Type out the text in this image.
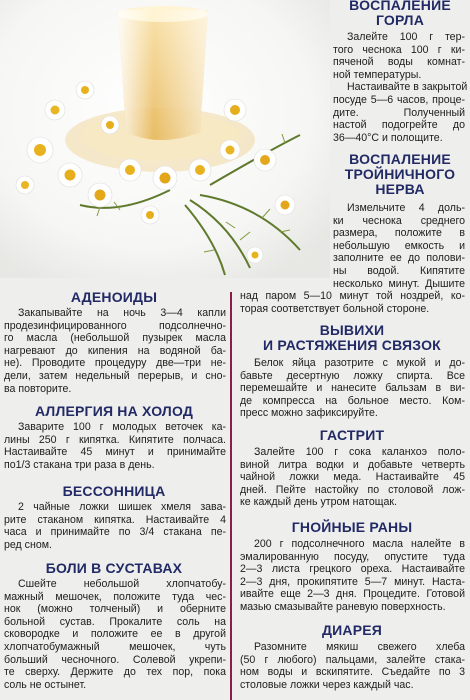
ВОСПАЛЕНИЕ
ГОРЛА
Залейте 100 г тер-
того чеснока 100 г ки-
пяченой воды комнат-
ной температуры.
Настаивайте в закрытой
посуде 5—6 часов, проце-
дите. Полученный
настой подогрейте до
36—40°С и полощите.
ВОСПАЛЕНИЕ
ТРОЙНИЧНОГО
НЕРВА
Измельчите 4 доль-
ки чеснока среднего
размера, положите в
небольшую емкость и
заполните ее до полови-
ны водой. Кипятите
несколько минут. Дышите
над паром 5—10 минут той ноздрей, ко-
торая соответствует больной стороне.
АДЕНОИДЫ
Закапывайте на ночь 3—4 капли
продезинфицированного подсолнечно-
го масла (небольшой пузырек масла
нагревают до кипения на водяной ба-
не). Проводите процедуру две—три не-
дели, затем недельный перерыв, и сно-
ва повторите.
АЛЛЕРГИЯ НА ХОЛОД
Заварите 100 г молодых веточек ка-
лины 250 г кипятка. Кипятите полчаса.
Настаивайте 45 минут и принимайте
по1/3 стакана три раза в день.
БЕССОННИЦА
2 чайные ложки шишек хмеля зава-
рите стаканом кипятка. Настаивайте 4
часа и принимайте по 3/4 стакана пе-
ред сном.
БОЛИ В СУСТАВАХ
Сшейте небольшой хлопчатобу-
мажный мешочек, положите туда чес-
нок (можно толченый) и оберните
больной сустав. Прокалите соль на
сковородке и положите ее в другой
хлопчатобумажный мешочек, чуть
больший чесночного. Солевой укрепи-
те сверху. Держите до тех пор, пока
соль не остынет.
ВЫВИХИ
И РАСТЯЖЕНИЯ СВЯЗОК
Белок яйца разотрите с мукой и до-
бавьте десертную ложку спирта. Все
перемешайте и нанесите бальзам в ви-
де компресса на больное место. Ком-
пресс можно зафиксируйте.
ГАСТРИТ
Залейте 100 г сока каланхоэ поло-
виной литра водки и добавьте четверть
чайной ложки меда. Настаивайте 45
дней. Пейте настойку по столовой лож-
ке каждый день утром натощак.
ГНОЙНЫЕ РАНЫ
200 г подсолнечного масла налейте в
эмалированную посуду, опустите туда
2—3 листа грецкого ореха. Настаивайте
2—3 дня, прокипятите 5—7 минут. Наста-
ивайте еще 2—3 дня. Процедите. Готовой
мазью смазывайте раневую поверхность.
ДИАРЕЯ
Разомните мякиш свежего хлеба
(50 г любого) пальцами, залейте стака-
ном воды и вскипятите. Съедайте по 3
столовые ложки через каждый час.
